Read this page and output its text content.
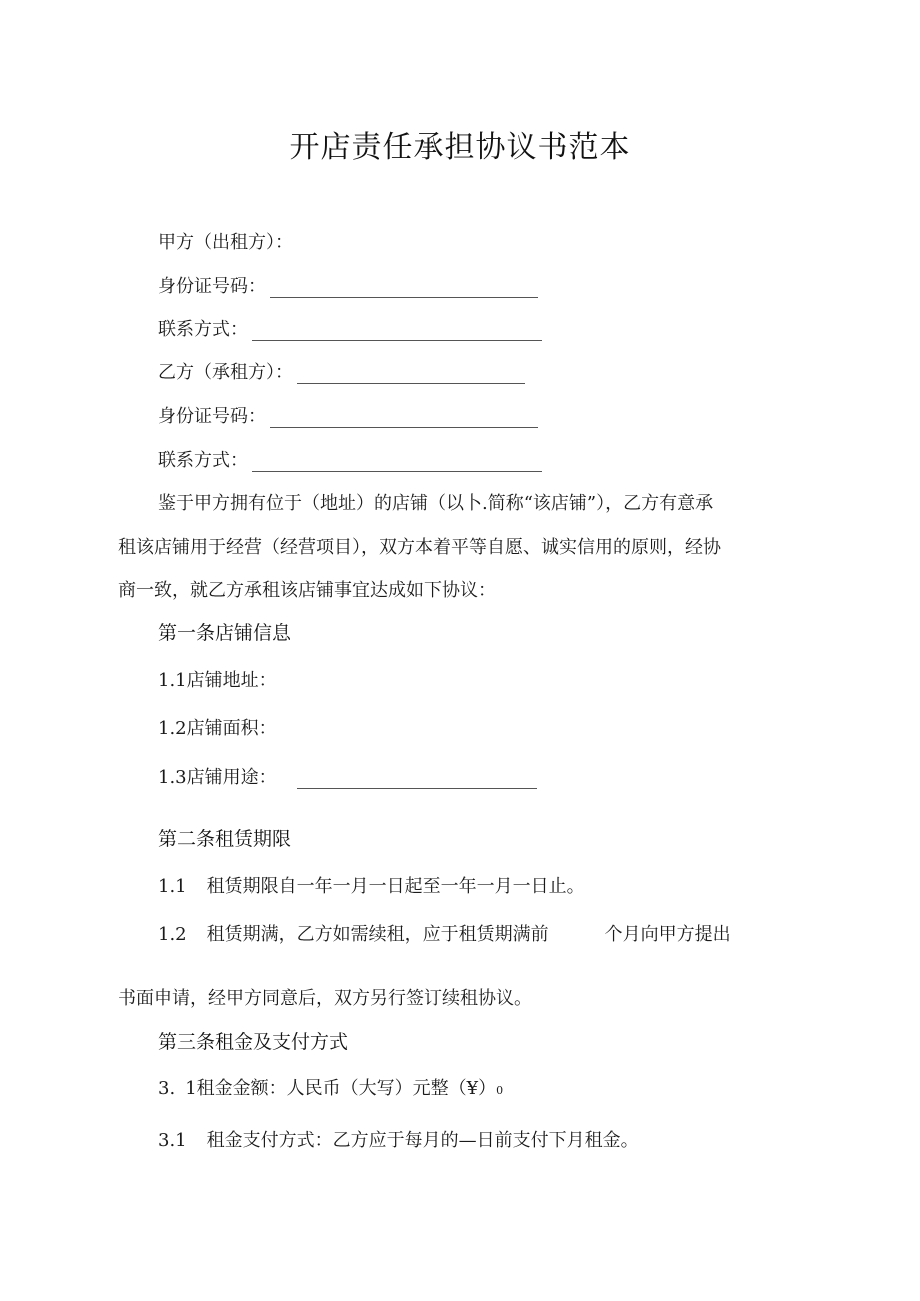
开店责任承担协议书范本
甲方（出租方）：
身份证号码：
联系方式：
乙方（承租方）：
身份证号码：
联系方式：
鉴于甲方拥有位于（地址）的店铺（以卜.简称“该店铺”），乙方有意承
租该店铺用于经营（经营项目），双方本着平等自愿、诚实信用的原则，经协
商一致，就乙方承租该店铺事宜达成如下协议：
第一条店铺信息
1.1店铺地址：
1.2店铺面积：
1.3店铺用途：
第二条租赁期限
1.1 租赁期限自一年一月一日起至一年一月一日止。
1.2 租赁期满，乙方如需续租，应于租赁期满前	个月向甲方提出
书面申请，经甲方同意后，双方另行签订续租协议。
第三条租金及支付方式
3. 1租金金额：人民币（大写）元整（¥）0
3.1 租金支付方式：乙方应于每月的—日前支付下月租金。
